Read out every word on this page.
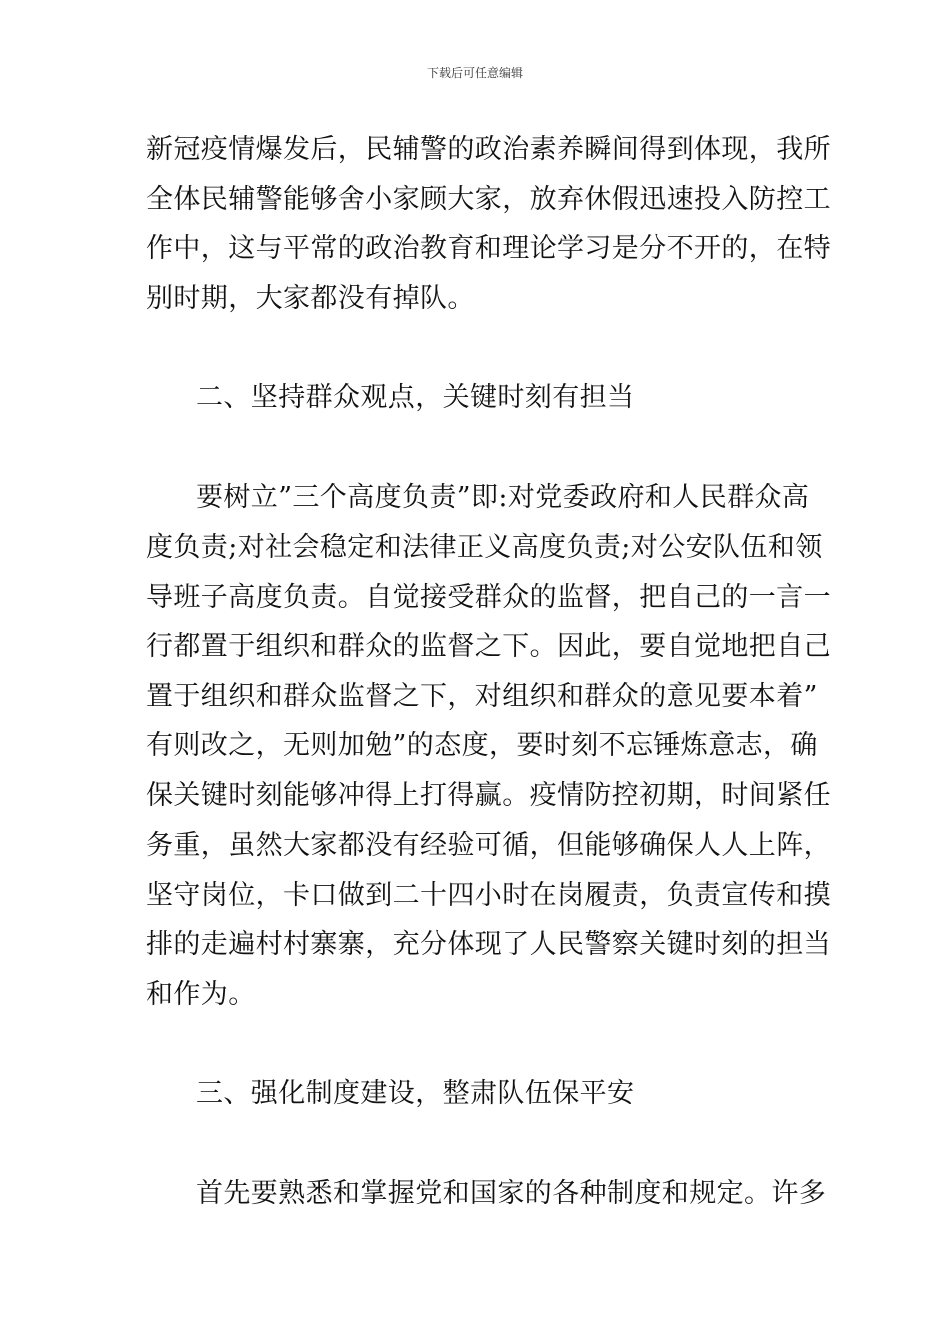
下载后可任意编辑
新冠疫情爆发后，民辅警的政治素养瞬间得到体现，我所
全体民辅警能够舍小家顾大家，放弃休假迅速投入防控工
作中，这与平常的政治教育和理论学习是分不开的，在特
别时期，大家都没有掉队。
二、坚持群众观点，关键时刻有担当
要树立”三个高度负责”即:对党委政府和人民群众高
度负责;对社会稳定和法律正义高度负责;对公安队伍和领
导班子高度负责。自觉接受群众的监督，把自己的一言一
行都置于组织和群众的监督之下。因此，要自觉地把自己
置于组织和群众监督之下，对组织和群众的意见要本着”
有则改之，无则加勉”的态度，要时刻不忘锤炼意志，确
保关键时刻能够冲得上打得赢。疫情防控初期，时间紧任
务重，虽然大家都没有经验可循，但能够确保人人上阵，
坚守岗位，卡口做到二十四小时在岗履责，负责宣传和摸
排的走遍村村寨寨，充分体现了人民警察关键时刻的担当
和作为。
三、强化制度建设，整肃队伍保平安
首先要熟悉和掌握党和国家的各种制度和规定。许多
